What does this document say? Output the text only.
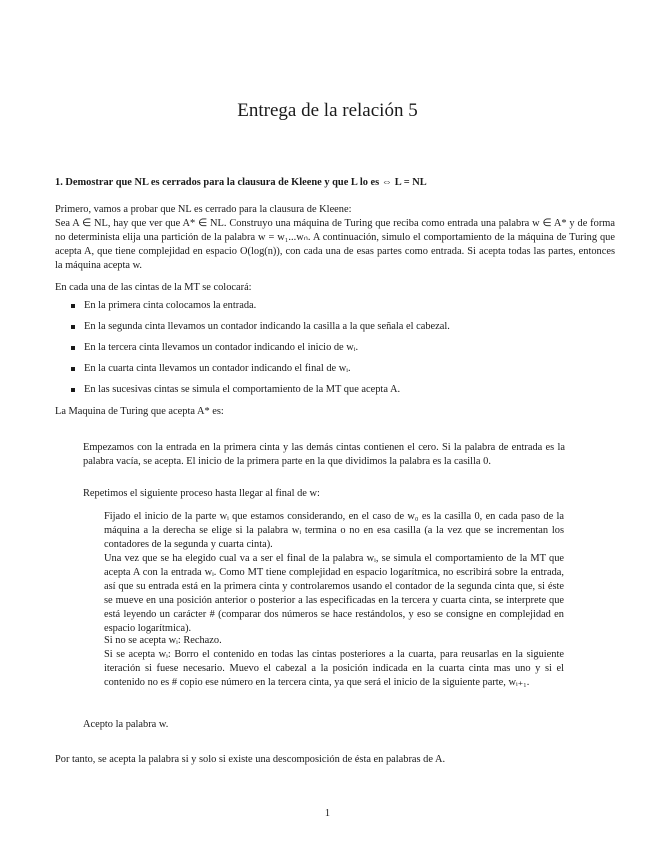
Entrega de la relación 5
1. Demostrar que NL es cerrados para la clausura de Kleene y que L lo es ⇔ L = NL

Primero, vamos a probar que NL es cerrado para la clausura de Kleene:

Sea A ∈ NL, hay que ver que A* ∈ NL. Construyo una máquina de Turing que reciba como entrada una palabra w ∈ A* y de forma no determinista elija una partición de la palabra w = w₁...wₙ. A continuación, simulo el comportamiento de la máquina de Turing que acepta A, que tiene complejidad en espacio O(log(n)), con cada una de esas partes como entrada. Si acepta todas las partes, entonces la máquina acepta w.

En cada una de las cintas de la MT se colocará:
En la primera cinta colocamos la entrada.
En la segunda cinta llevamos un contador indicando la casilla a la que señala el cabezal.
En la tercera cinta llevamos un contador indicando el inicio de wᵢ.
En la cuarta cinta llevamos un contador indicando el final de wᵢ.
En las sucesivas cintas se simula el comportamiento de la MT que acepta A.
La Maquina de Turing que acepta A* es:
Empezamos con la entrada en la primera cinta y las demás cintas contienen el cero. Si la palabra de entrada es la palabra vacía, se acepta. El inicio de la primera parte en la que dividimos la palabra es la casilla 0.
Repetimos el siguiente proceso hasta llegar al final de w:
Fijado el inicio de la parte wᵢ que estamos considerando, en el caso de w₀ es la casilla 0, en cada paso de la máquina a la derecha se elige si la palabra wᵢ termina o no en esa casilla (a la vez que se incrementan los contadores de la segunda y cuarta cinta).
Una vez que se ha elegido cual va a ser el final de la palabra wᵢ, se simula el comportamiento de la MT que acepta A con la entrada wᵢ. Como MT tiene complejidad en espacio logarítmica, no escribirá sobre la entrada, así que su entrada está en la primera cinta y controlaremos usando el contador de la segunda cinta que, si éste se mueve en una posición anterior o posterior a las especificadas en la tercera y cuarta cinta, se interprete que está leyendo un carácter # (comparar dos números se hace restándolos, y eso se consigne en complejidad en espacio logarítmica).

Si no se acepta wᵢ: Rechazo.

Si se acepta wᵢ: Borro el contenido en todas las cintas posteriores a la cuarta, para reusarlas en la siguiente iteración si fuese necesario. Muevo el cabezal a la posición indicada en la cuarta cinta mas uno y si el contenido no es # copio ese número en la tercera cinta, ya que será el inicio de la siguiente parte, wᵢ₊₁.

Acepto la palabra w.
Por tanto, se acepta la palabra si y solo si existe una descomposición de ésta en palabras de A.
1
